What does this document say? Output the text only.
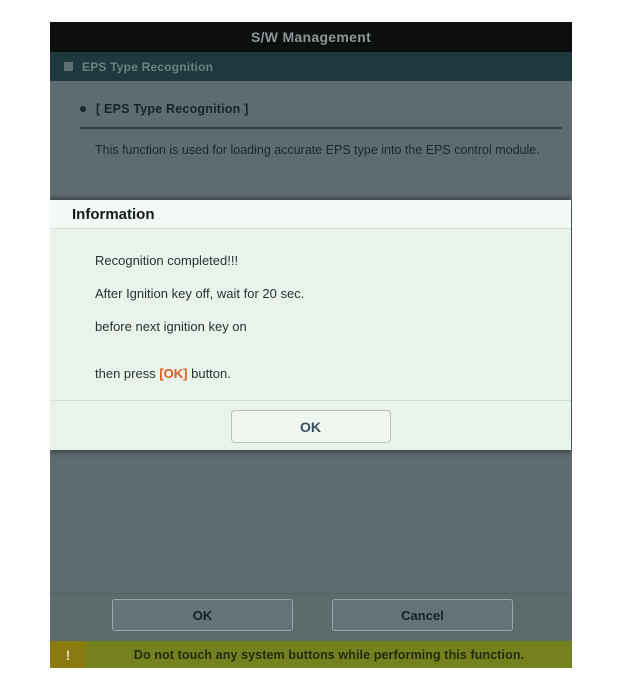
S/W Management
EPS Type Recognition
[ EPS Type Recognition ]
This function is used for loading accurate EPS type into the EPS control module.
Information
Recognition completed!!!
After Ignition key off, wait for 20 sec.
before next ignition key on
then press [OK] button.
OK
OK	Cancel
!	Do not touch any system buttons while performing this function.
